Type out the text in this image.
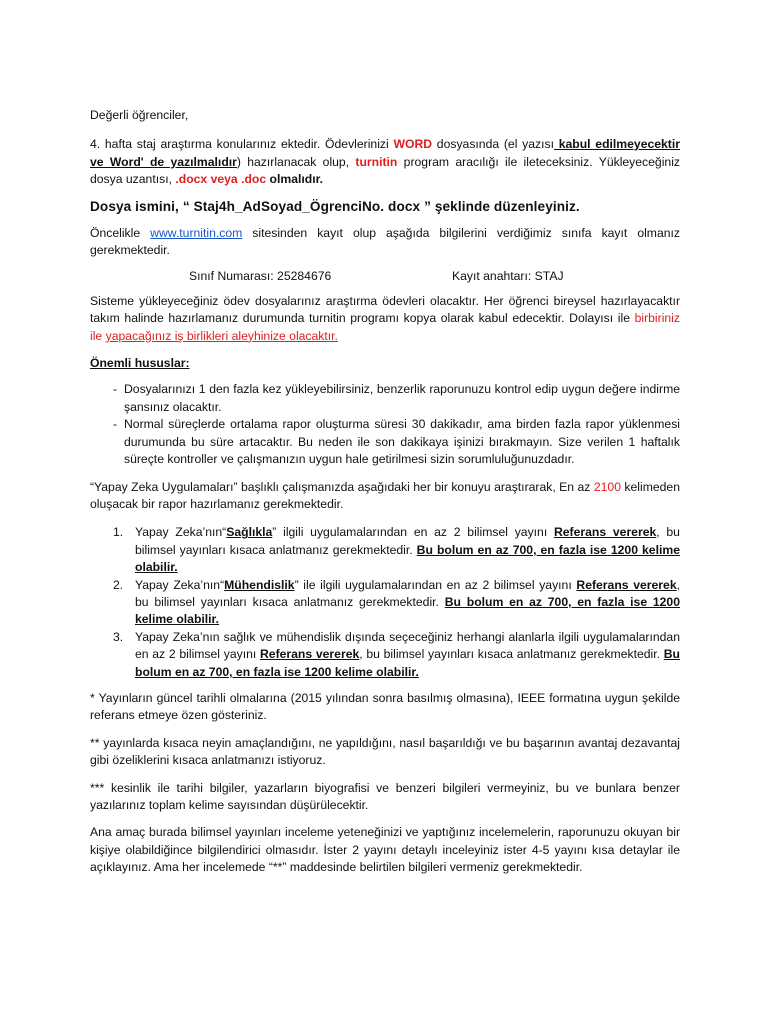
Değerli öğrenciler,

4. hafta staj araştırma konularınız ektedir. Ödevlerinizi WORD dosyasında (el yazısı kabul edilmeyecektir ve Word' de yazılmalıdır) hazırlanacak olup, turnitin program aracılığı ile ileteceksiniz. Yükleyeceğiniz dosya uzantısı, .docx veya .doc olmalıdır.

Dosya ismini, “ Staj4h_AdSoyad_ÖgrenciNo. docx ” şeklinde düzenleyiniz.

Öncelikle www.turnitin.com sitesinden kayıt olup aşağıda bilgilerini verdiğimiz sınıfa kayıt olmanız gerekmektedir.

Sınıf Numarası: 25284676	Kayıt anahtarı: STAJ

Sisteme yükleyeceğiniz ödev dosyalarınız araştırma ödevleri olacaktır. Her öğrenci bireysel hazırlayacaktır takım halinde hazırlamanız durumunda turnitin programı kopya olarak kabul edecektir. Dolayısı ile birbiriniz ile yapacağınız iş birlikleri aleyhinize olacaktır.

Önemli hususlar:

- Dosyalarınızı 1 den fazla kez yükleyebilirsiniz, benzerlik raporunuzu kontrol edip uygun değere indirme şansınız olacaktır.
- Normal süreçlerde ortalama rapor oluşturma süresi 30 dakikadır, ama birden fazla rapor yüklenmesi durumunda bu süre artacaktır. Bu neden ile son dakikaya işinizi bırakmayın. Size verilen 1 haftalık süreçte kontroller ve çalışmanızın uygun hale getirilmesi sizin sorumluluğunuzdadır.

“Yapay Zeka Uygulamaları” başlıklı çalışmanızda aşağıdaki her bir konuyu araştırarak, En az 2100 kelimeden oluşacak bir rapor hazırlamanız gerekmektedir.

1. Yapay Zeka’nın“Sağlıkla” ilgili uygulamalarından en az 2 bilimsel yayını Referans vererek, bu bilimsel yayınları kısaca anlatmanız gerekmektedir. Bu bolum en az 700, en fazla ise 1200 kelime olabilir.
2. Yapay Zeka’nın“Mühendislik” ile ilgili uygulamalarından en az 2 bilimsel yayını Referans vererek, bu bilimsel yayınları kısaca anlatmanız gerekmektedir. Bu bolum en az 700, en fazla ise 1200 kelime olabilir.
3. Yapay Zeka’nın sağlık ve mühendislik dışında seçeceğiniz herhangi alanlarla ilgili uygulamalarından en az 2 bilimsel yayını Referans vererek, bu bilimsel yayınları kısaca anlatmanız gerekmektedir. Bu bolum en az 700, en fazla ise 1200 kelime olabilir.

* Yayınların güncel tarihli olmalarına (2015 yılından sonra basılmış olmasına), IEEE formatına uygun şekilde referans etmeye özen gösteriniz.

** yayınlarda kısaca neyin amaçlandığını, ne yapıldığını, nasıl başarıldığı ve bu başarının avantaj dezavantaj gibi özeliklerini kısaca anlatmanızı istiyoruz.

*** kesinlik ile tarihi bilgiler, yazarların biyografisi ve benzeri bilgileri vermeyiniz, bu ve bunlara benzer yazılarınız toplam kelime sayısından düşürülecektir.

Ana amaç burada bilimsel yayınları inceleme yeteneğinizi ve yaptığınız incelemelerin, raporunuzu okuyan bir kişiye olabildiğince bilgilendirici olmasıdır. İster 2 yayını detaylı inceleyiniz ister 4-5 yayını kısa detaylar ile açıklayınız. Ama her incelemede “**” maddesinde belirtilen bilgileri vermeniz gerekmektedir.
